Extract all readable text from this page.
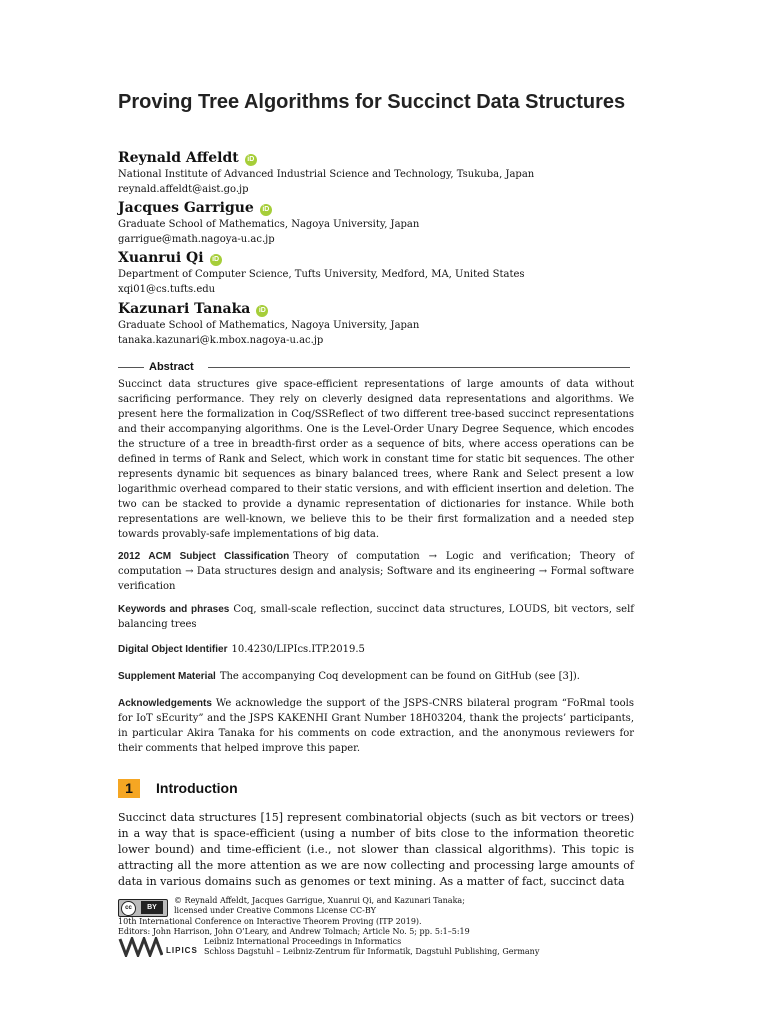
Proving Tree Algorithms for Succinct Data Structures
Reynald Affeldt iD
National Institute of Advanced Industrial Science and Technology, Tsukuba, Japan
reynald.affeldt@aist.go.jp
Jacques Garrigue iD
Graduate School of Mathematics, Nagoya University, Japan
garrigue@math.nagoya-u.ac.jp
Xuanrui Qi iD
Department of Computer Science, Tufts University, Medford, MA, United States
xqi01@cs.tufts.edu
Kazunari Tanaka iD
Graduate School of Mathematics, Nagoya University, Japan
tanaka.kazunari@k.mbox.nagoya-u.ac.jp
Abstract
Succinct data structures give space-efficient representations of large amounts of data without sacrificing performance. They rely on cleverly designed data representations and algorithms. We present here the formalization in Coq/SSReflect of two different tree-based succinct representations and their accompanying algorithms. One is the Level-Order Unary Degree Sequence, which encodes the structure of a tree in breadth-first order as a sequence of bits, where access operations can be defined in terms of Rank and Select, which work in constant time for static bit sequences. The other represents dynamic bit sequences as binary balanced trees, where Rank and Select present a low logarithmic overhead compared to their static versions, and with efficient insertion and deletion. The two can be stacked to provide a dynamic representation of dictionaries for instance. While both representations are well-known, we believe this to be their first formalization and a needed step towards provably-safe implementations of big data.
2012 ACM Subject Classification Theory of computation → Logic and verification; Theory of computation → Data structures design and analysis; Software and its engineering → Formal software verification
Keywords and phrases Coq, small-scale reflection, succinct data structures, LOUDS, bit vectors, self balancing trees
Digital Object Identifier 10.4230/LIPIcs.ITP.2019.5
Supplement Material The accompanying Coq development can be found on GitHub (see [3]).
Acknowledgements We acknowledge the support of the JSPS-CNRS bilateral program “FoRmal tools for IoT sEcurity” and the JSPS KAKENHI Grant Number 18H03204, thank the projects’ participants, in particular Akira Tanaka for his comments on code extraction, and the anonymous reviewers for their comments that helped improve this paper.
1	Introduction
Succinct data structures [15] represent combinatorial objects (such as bit vectors or trees) in a way that is space-efficient (using a number of bits close to the information theoretic lower bound) and time-efficient (i.e., not slower than classical algorithms). This topic is attracting all the more attention as we are now collecting and processing large amounts of data in various domains such as genomes or text mining. As a matter of fact, succinct data
cc	BY
© Reynald Affeldt, Jacques Garrigue, Xuanrui Qi, and Kazunari Tanaka;
licensed under Creative Commons License CC-BY
10th International Conference on Interactive Theorem Proving (ITP 2019).
Editors: John Harrison, John O’Leary, and Andrew Tolmach; Article No. 5; pp. 5:1–5:19
LIPICS
Leibniz International Proceedings in Informatics
Schloss Dagstuhl – Leibniz-Zentrum für Informatik, Dagstuhl Publishing, Germany
